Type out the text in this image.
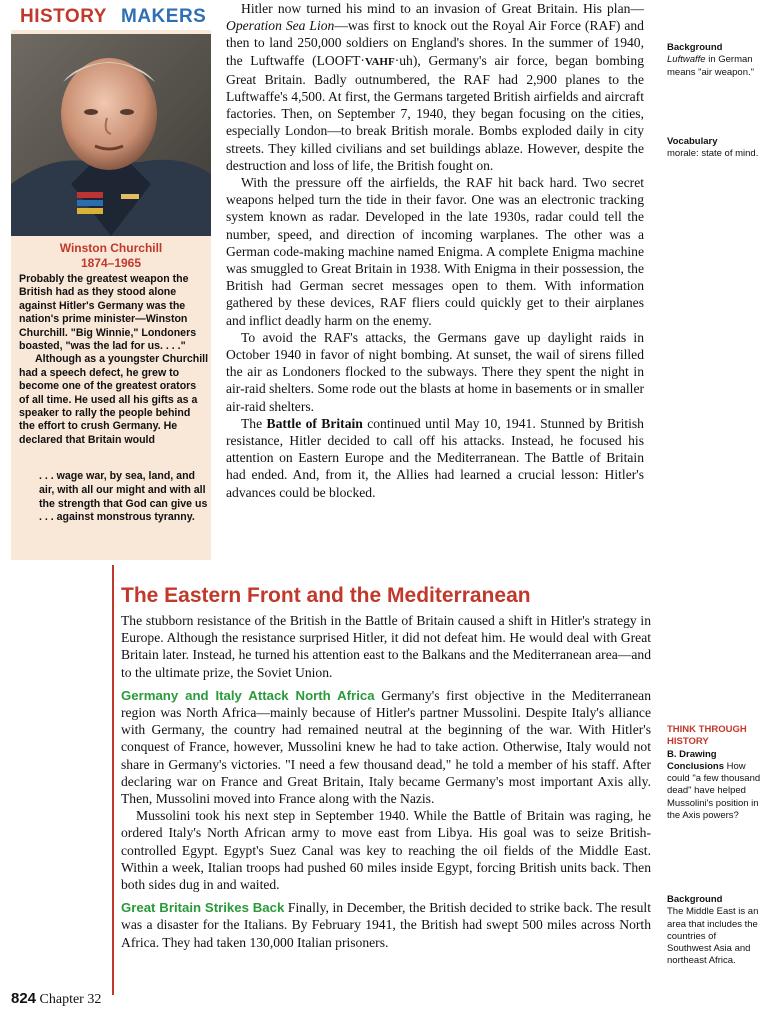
HISTORY MAKERS
Winston Churchill
1874–1965

Probably the greatest weapon the British had as they stood alone against Hitler's Germany was the nation's prime minister—Winston Churchill. "Big Winnie," Londoners boasted, "was the lad for us. . . ."

Although as a youngster Churchill had a speech defect, he grew to become one of the greatest orators of all time. He used all his gifts as a speaker to rally the people behind the effort to crush Germany. He declared that Britain would

. . . wage war, by sea, land, and air, with all our might and with all the strength that God can give us . . . against monstrous tyranny.

Hitler now turned his mind to an invasion of Great Britain. His plan—Operation Sea Lion—was first to knock out the Royal Air Force (RAF) and then to land 250,000 soldiers on England's shores. In the summer of 1940, the Luftwaffe (LOOFT·VAHF·uh), Germany's air force, began bombing Great Britain. Badly outnumbered, the RAF had 2,900 planes to the Luftwaffe's 4,500. At first, the Germans targeted British airfields and aircraft factories. Then, on September 7, 1940, they began focusing on the cities, especially London—to break British morale. Bombs exploded daily in city streets. They killed civilians and set buildings ablaze. However, despite the destruction and loss of life, the British fought on.

With the pressure off the airfields, the RAF hit back hard. Two secret weapons helped turn the tide in their favor. One was an electronic tracking system known as radar. Developed in the late 1930s, radar could tell the number, speed, and direction of incoming warplanes. The other was a German code-making machine named Enigma. A complete Enigma machine was smuggled to Great Britain in 1938. With Enigma in their possession, the British had German secret messages open to them. With information gathered by these devices, RAF fliers could quickly get to their airplanes and inflict deadly harm on the enemy.

To avoid the RAF's attacks, the Germans gave up daylight raids in October 1940 in favor of night bombing. At sunset, the wail of sirens filled the air as Londoners flocked to the subways. There they spent the night in air-raid shelters. Some rode out the blasts at home in basements or in smaller air-raid shelters.

The Battle of Britain continued until May 10, 1941. Stunned by British resistance, Hitler decided to call off his attacks. Instead, he focused his attention on Eastern Europe and the Mediterranean. The Battle of Britain had ended. And, from it, the Allies had learned a crucial lesson: Hitler's advances could be blocked.

Background
Luftwaffe in German means "air weapon."
Vocabulary
morale: state of mind.
THINK THROUGH HISTORY
B. Drawing Conclusions How could "a few thousand dead" have helped Mussolini's position in the Axis powers?
Background
The Middle East is an area that includes the countries of Southwest Asia and northeast Africa.
The Eastern Front and the Mediterranean

The stubborn resistance of the British in the Battle of Britain caused a shift in Hitler's strategy in Europe. Although the resistance surprised Hitler, it did not defeat him. He would deal with Great Britain later. Instead, he turned his attention east to the Balkans and the Mediterranean area—and to the ultimate prize, the Soviet Union.

Germany and Italy Attack North Africa Germany's first objective in the Mediterranean region was North Africa—mainly because of Hitler's partner Mussolini. Despite Italy's alliance with Germany, the country had remained neutral at the beginning of the war. With Hitler's conquest of France, however, Mussolini knew he had to take action. Otherwise, Italy would not share in Germany's victories. "I need a few thousand dead," he told a member of his staff. After declaring war on France and Great Britain, Italy became Germany's most important Axis ally. Then, Mussolini moved into France along with the Nazis.

Mussolini took his next step in September 1940. While the Battle of Britain was raging, he ordered Italy's North African army to move east from Libya. His goal was to seize British-controlled Egypt. Egypt's Suez Canal was key to reaching the oil fields of the Middle East. Within a week, Italian troops had pushed 60 miles inside Egypt, forcing British units back. Then both sides dug in and waited.

Great Britain Strikes Back Finally, in December, the British decided to strike back. The result was a disaster for the Italians. By February 1941, the British had swept 500 miles across North Africa. They had taken 130,000 Italian prisoners.

824 Chapter 32
